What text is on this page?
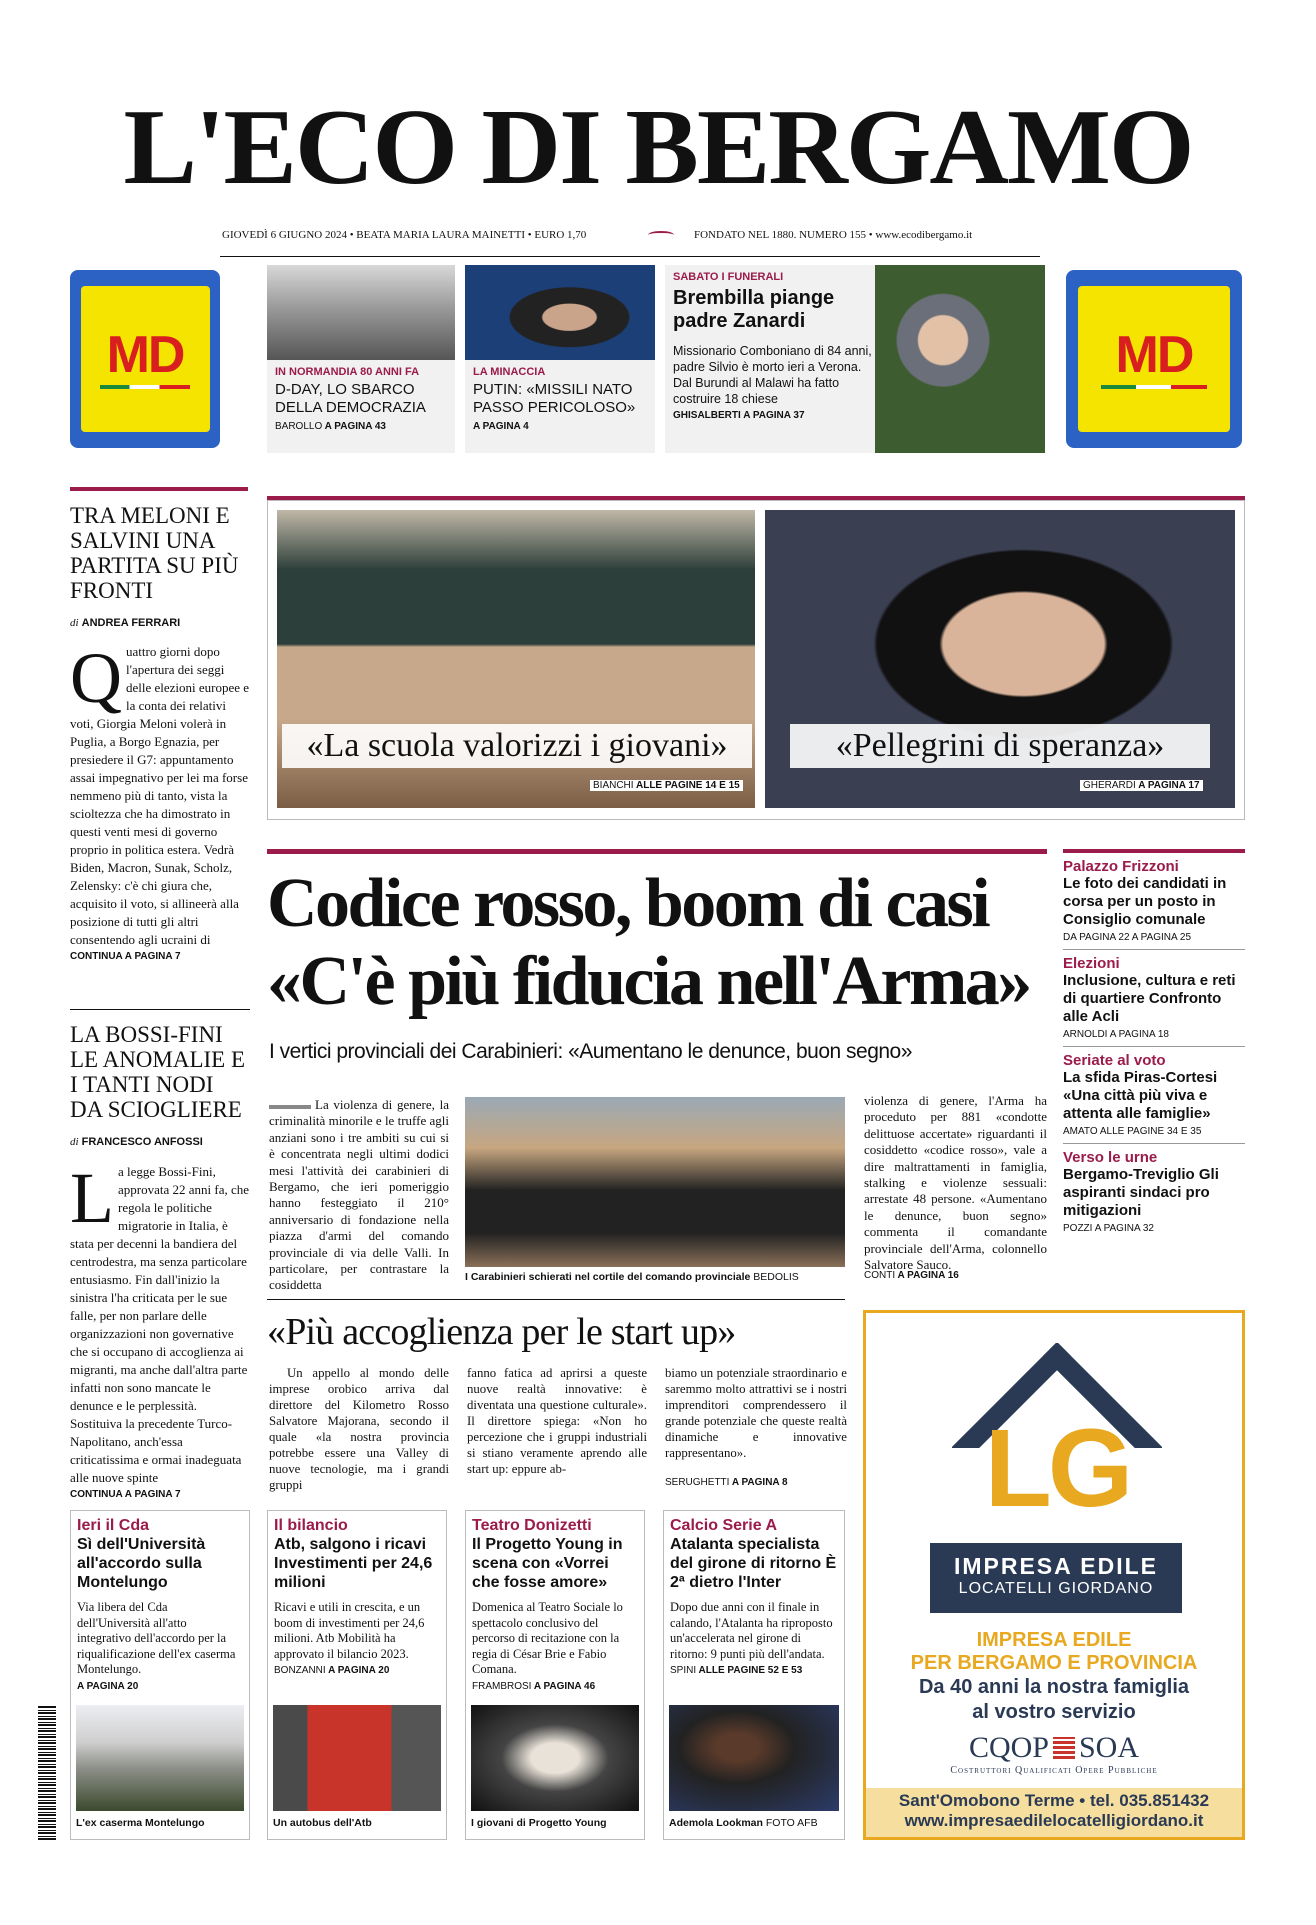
L'ECO DI BERGAMO
GIOVEDÌ 6 GIUGNO 2024 • BEATA MARIA LAURA MAINETTI • EURO 1,70	FONDATO NEL 1880. NUMERO 155 • www.ecodibergamo.it
MD	MD
IN NORMANDIA 80 ANNI FA
D-DAY, LO SBARCO DELLA DEMOCRAZIA
BAROLLO A PAGINA 43
LA MINACCIA
PUTIN: «MISSILI NATO PASSO PERICOLOSO»
A PAGINA 4
SABATO I FUNERALI
Brembilla piange padre Zanardi
Missionario Comboniano di 84 anni, padre Silvio è morto ieri a Verona. Dal Burundi al Malawi ha fatto costruire 18 chiese
GHISALBERTI A PAGINA 37
TRA MELONI E SALVINI UNA PARTITA SU PIÙ FRONTI
di ANDREA FERRARI
Q uattro giorni dopo l'apertura dei seggi delle elezioni europee e la conta dei relativi voti, Giorgia Meloni volerà in Puglia, a Borgo Egnazia, per presiedere il G7: appuntamento assai impegnativo per lei ma forse nemmeno più di tanto, vista la scioltezza che ha dimostrato in questi venti mesi di governo proprio in politica estera. Vedrà Biden, Macron, Sunak, Scholz, Zelensky: c'è chi giura che, acquisito il voto, si allineerà alla posizione di tutti gli altri consentendo agli ucraini di
CONTINUA A PAGINA 7
LA BOSSI-FINI LE ANOMALIE E I TANTI NODI DA SCIOGLIERE
di FRANCESCO ANFOSSI
L a legge Bossi-Fini, approvata 22 anni fa, che regola le politiche migratorie in Italia, è stata per decenni la bandiera del centrodestra, ma senza particolare entusiasmo. Fin dall'inizio la sinistra l'ha criticata per le sue falle, per non parlare delle organizzazioni non governative che si occupano di accoglienza ai migranti, ma anche dall'altra parte infatti non sono mancate le denunce e le perplessità. Sostituiva la precedente Turco-Napolitano, anch'essa criticatissima e ormai inadeguata alle nuove spinte
CONTINUA A PAGINA 7
«La scuola valorizzi i giovani»
BIANCHI ALLE PAGINE 14 E 15
«Pellegrini di speranza»
GHERARDI A PAGINA 17
Codice rosso, boom di casi
«C'è più fiducia nell'Arma»
I vertici provinciali dei Carabinieri: «Aumentano le denunce, buon segno»
La violenza di genere, la criminalità minorile e le truffe agli anziani sono i tre ambiti su cui si è concentrata negli ultimi dodici mesi l'attività dei carabinieri di Bergamo, che ieri pomeriggio hanno festeggiato il 210° anniversario di fondazione nella piazza d'armi del comando provinciale di via delle Valli. In particolare, per contrastare la cosiddetta
I Carabinieri schierati nel cortile del comando provinciale BEDOLIS
violenza di genere, l'Arma ha proceduto per 881 «condotte delittuose accertate» riguardanti il cosiddetto «codice rosso», vale a dire maltrattamenti in famiglia, stalking e violenze sessuali: arrestate 48 persone. «Aumentano le denunce, buon segno» commenta il comandante provinciale dell'Arma, colonnello Salvatore Sauco.
CONTI A PAGINA 16
Palazzo Frizzoni
Le foto dei candidati in corsa per un posto in Consiglio comunale
DA PAGINA 22 A PAGINA 25
Elezioni
Inclusione, cultura e reti di quartiere Confronto alle Acli
ARNOLDI A PAGINA 18
Seriate al voto
La sfida Piras-Cortesi «Una città più viva e attenta alle famiglie»
AMATO ALLE PAGINE 34 E 35
Verso le urne
Bergamo-Treviglio Gli aspiranti sindaci pro mitigazioni
POZZI A PAGINA 32
«Più accoglienza per le start up»
Un appello al mondo delle imprese orobico arriva dal direttore del Kilometro Rosso Salvatore Majorana, secondo il quale «la nostra provincia potrebbe essere una Valley di nuove tecnologie, ma i grandi gruppi
fanno fatica ad aprirsi a queste nuove realtà innovative: è diventata una questione culturale». Il direttore spiega: «Non ho percezione che i gruppi industriali si stiano veramente aprendo alle start up: eppure ab-
biamo un potenziale straordinario e saremmo molto attrattivi se i nostri imprenditori comprendessero il grande potenziale che queste realtà dinamiche e innovative rappresentano».
SERUGHETTI A PAGINA 8
Ieri il Cda
Sì dell'Università all'accordo sulla Montelungo
Via libera del Cda dell'Università all'atto integrativo dell'accordo per la riqualificazione dell'ex caserma Montelungo.
A PAGINA 20
L'ex caserma Montelungo
Il bilancio
Atb, salgono i ricavi Investimenti per 24,6 milioni
Ricavi e utili in crescita, e un boom di investimenti per 24,6 milioni. Atb Mobilità ha approvato il bilancio 2023.
BONZANNI A PAGINA 20
Un autobus dell'Atb
Teatro Donizetti
Il Progetto Young in scena con «Vorrei che fosse amore»
Domenica al Teatro Sociale lo spettacolo conclusivo del percorso di recitazione con la regia di César Brie e Fabio Comana.
FRAMBROSI A PAGINA 46
I giovani di Progetto Young
Calcio Serie A
Atalanta specialista del girone di ritorno È 2ª dietro l'Inter
Dopo due anni con il finale in calando, l'Atalanta ha riproposto un'accelerata nel girone di ritorno: 9 punti più dell'andata.
SPINI ALLE PAGINE 52 E 53
Ademola Lookman FOTO AFB
LG
IMPRESA EDILE
LOCATELLI GIORDANO
IMPRESA EDILE
PER BERGAMO E PROVINCIA
Da 40 anni la nostra famiglia
al vostro servizio
CQOP SOA
Costruttori Qualificati Opere Pubbliche
Sant'Omobono Terme • tel. 035.851432
www.impresaedilelocatelligiordano.it
